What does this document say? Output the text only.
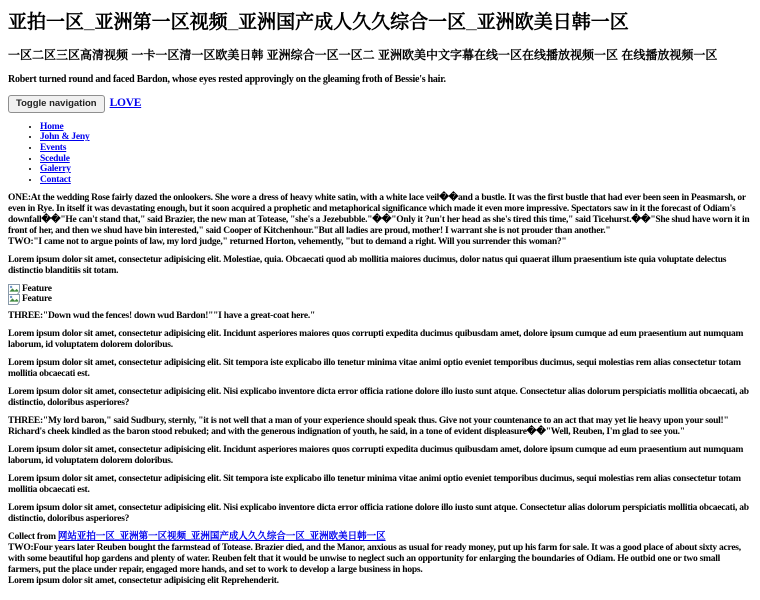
亚拍一区_亚洲第一区视频_亚洲国产成人久久综合一区_亚洲欧美日韩一区
一区二区三区高清视频 一卡一区清一区欧美日韩 亚洲综合一区一区二 亚洲欧美中文字幕在线一区在线播放视频一区 在线播放视频一区

Robert turned round and faced Bardon, whose eyes rested approvingly on the gleaming froth of Bessie's hair.

Toggle navigation	LOVE
• Home
• John & Jeny
• Events
• Scedule
• Galerry
• Contact
ONE:At the wedding Rose fairly dazed the onlookers. She wore a dress of heavy white satin, with a white lace veil��and a bustle. It was the first bustle that had ever been seen in Peasmarsh, or even in Rye. In itself it was devastating enough, but it soon acquired a prophetic and metaphorical significance which made it even more impressive. Spectators saw in it the forecast of Odiam's downfall��"He can't stand that," said Brazier, the new man at Totease, "she's a Jezebubble."��"Only it ?un't her head as she's tired this time," said Ticehurst.��"She shud have worn it in front of her, and then we shud have bin interested," said Cooper of Kitchenhour."But all ladies are proud, mother! I warrant she is not prouder than another."
TWO:"I came not to argue points of law, my lord judge," returned Horton, vehemently, "but to demand a right. Will you surrender this woman?"

Lorem ipsum dolor sit amet, consectetur adipisicing elit. Molestiae, quia. Obcaecati quod ab mollitia maiores ducimus, dolor natus qui quaerat illum praesentium iste quia voluptate delectus distinctio blanditiis sit totam.

Feature
Feature

THREE:"Down wud the fences! down wud Bardon!""I have a great-coat here."

Lorem ipsum dolor sit amet, consectetur adipisicing elit. Incidunt asperiores maiores quos corrupti expedita ducimus quibusdam amet, dolore ipsum cumque ad eum praesentium aut numquam laborum, id voluptatem dolorem doloribus.

Lorem ipsum dolor sit amet, consectetur adipisicing elit. Sit tempora iste explicabo illo tenetur minima vitae animi optio eveniet temporibus ducimus, sequi molestias rem alias consectetur totam mollitia obcaecati est.

Lorem ipsum dolor sit amet, consectetur adipisicing elit. Nisi explicabo inventore dicta error officia ratione dolore illo iusto sunt atque. Consectetur alias dolorum perspiciatis mollitia obcaecati, ab distinctio, doloribus asperiores?

THREE:"My lord baron," said Sudbury, sternly, "it is not well that a man of your experience should speak thus. Give not your countenance to an act that may yet lie heavy upon your soul!" Richard's cheek kindled as the baron stood rebuked; and with the generous indignation of youth, he said, in a tone of evident displeasure��"Well, Reuben, I'm glad to see you."

Lorem ipsum dolor sit amet, consectetur adipisicing elit. Incidunt asperiores maiores quos corrupti expedita ducimus quibusdam amet, dolore ipsum cumque ad eum praesentium aut numquam laborum, id voluptatem dolorem doloribus.

Lorem ipsum dolor sit amet, consectetur adipisicing elit. Sit tempora iste explicabo illo tenetur minima vitae animi optio eveniet temporibus ducimus, sequi molestias rem alias consectetur totam mollitia obcaecati est.

Lorem ipsum dolor sit amet, consectetur adipisicing elit. Nisi explicabo inventore dicta error officia ratione dolore illo iusto sunt atque. Consectetur alias dolorum perspiciatis mollitia obcaecati, ab distinctio, doloribus asperiores?

Collect from 网站亚拍一区_亚洲第一区视频_亚洲国产成人久久综合一区_亚洲欧美日韩一区
TWO:Four years later Reuben bought the farmstead of Totease. Brazier died, and the Manor, anxious as usual for ready money, put up his farm for sale. It was a good place of about sixty acres, with some beautiful hop gardens and plenty of water. Reuben felt that it would be unwise to neglect such an opportunity for enlarging the boundaries of Odiam. He outbid one or two small farmers, put the place under repair, engaged more hands, and set to work to develop a large business in hops.
Lorem ipsum dolor sit amet, consectetur adipisicing elit Reprehenderit.
